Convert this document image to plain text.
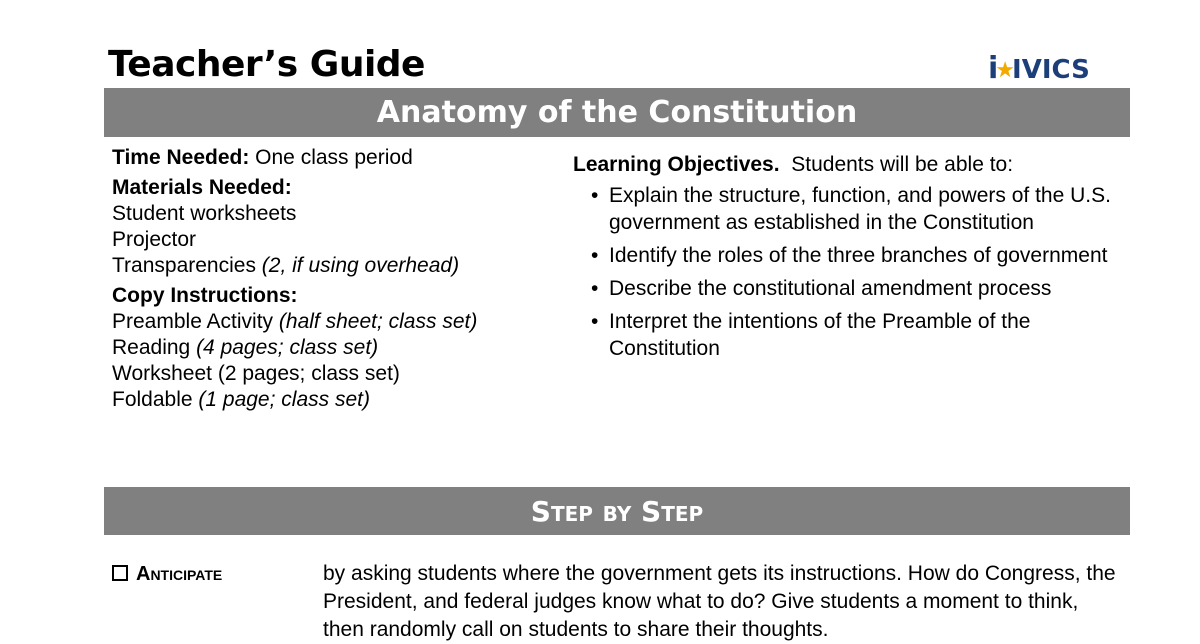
Teacher’s Guide	i★IVICS
Anatomy of the Constitution
Time Needed: One class period
Materials Needed:
Student worksheets
Projector
Transparencies (2, if using overhead)
Copy Instructions:
Preamble Activity (half sheet; class set)
Reading (4 pages; class set)
Worksheet (2 pages; class set)
Foldable (1 page; class set)
Learning Objectives.  Students will be able to:
• Explain the structure, function, and powers of the U.S. government as established in the Constitution
• Identify the roles of the three branches of government
• Describe the constitutional amendment process
• Interpret the intentions of the Preamble of the Constitution
Step by Step
Anticipate	by asking students where the government gets its instructions. How do Congress, the President, and federal judges know what to do? Give students a moment to think, then randomly call on students to share their thoughts.
